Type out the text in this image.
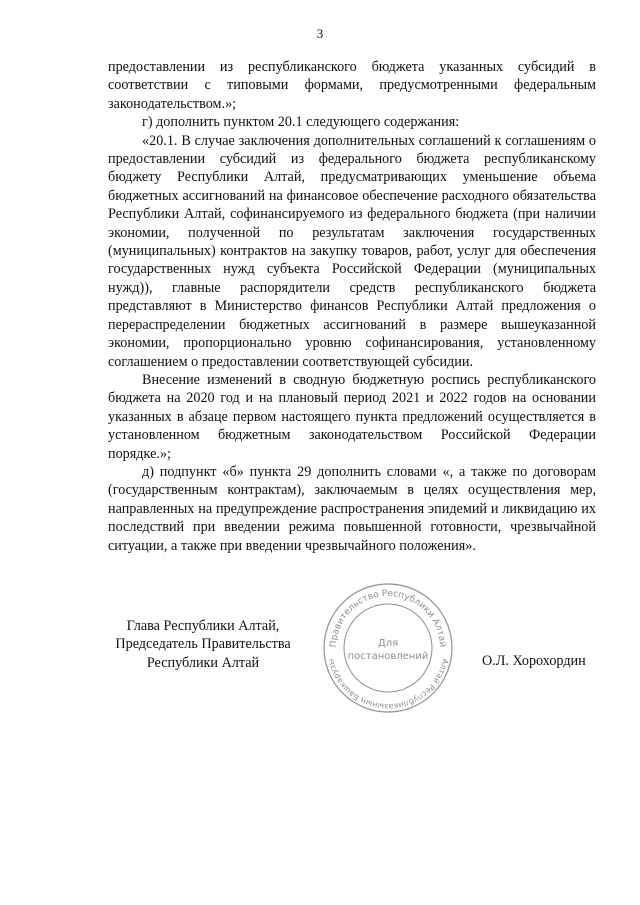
3

предоставлении из республиканского бюджета указанных субсидий в соответствии с типовыми формами, предусмотренными федеральным законодательством.»;

г) дополнить пунктом 20.1 следующего содержания:

«20.1. В случае заключения дополнительных соглашений к соглашениям о предоставлении субсидий из федерального бюджета республиканскому бюджету Республики Алтай, предусматривающих уменьшение объема бюджетных ассигнований на финансовое обеспечение расходного обязательства Республики Алтай, софинансируемого из федерального бюджета (при наличии экономии, полученной по результатам заключения государственных (муниципальных) контрактов на закупку товаров, работ, услуг для обеспечения государственных нужд субъекта Российской Федерации (муниципальных нужд)), главные распорядители средств республиканского бюджета представляют в Министерство финансов Республики Алтай предложения о перераспределении бюджетных ассигнований в размере вышеуказанной экономии, пропорционально уровню софинансирования, установленному соглашением о предоставлении соответствующей субсидии.

Внесение изменений в сводную бюджетную роспись республиканского бюджета на 2020 год и на плановый период 2021 и 2022 годов на основании указанных в абзаце первом настоящего пункта предложений осуществляется в установленном бюджетным законодательством Российской Федерации порядке.»;

д) подпункт «б» пункта 29 дополнить словами «, а также по договорам (государственным контрактам), заключаемым в целях осуществления мер, направленных на предупреждение распространения эпидемий и ликвидацию их последствий при введении режима повышенной готовности, чрезвычайной ситуации, а также при введении чрезвычайного положения».

Глава Республики Алтай,
Председатель Правительства
Республики Алтай
Правительство Республики Алтай
Алтай Республиказының Башкарузы
Для
постановлений	О.Л. Хорохордин
